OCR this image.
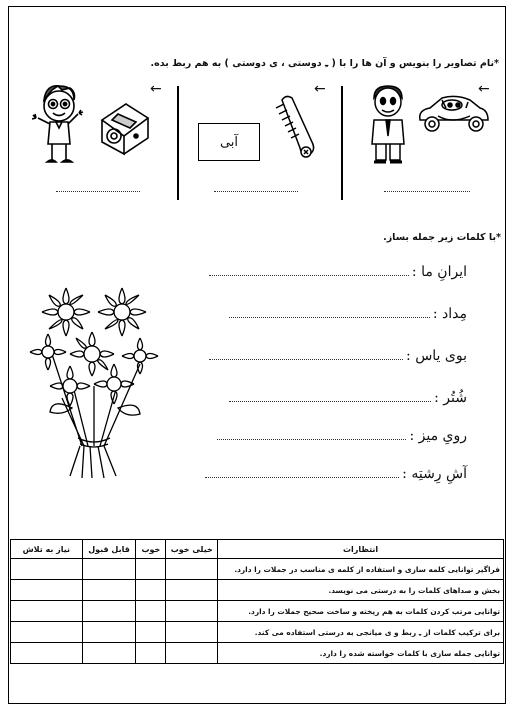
*نام تصاویر را بنویس و آن ها را با ( ـِ دوستی ، ی دوستی ) به هم ربط بده.
←	←	←
آبی
*با کلمات زیر جمله بساز.
ایرانِ ما :
مِداد :
بوی یاس :
شُتُر :
رویِ میز :
آشِ رِشتِه :
انتظارات	خیلی خوب	خوب	قابل قبول	نیاز به تلاش
فراگیر توانایی کلمه سازی و استفاده از کلمه ی مناسب در جملات را دارد.				
بخش و صداهای کلمات را به درستی می نویسد.				
توانایی مرتب کردن کلمات به هم ریخته و ساخت صحیح جملات را دارد.				
برای ترکیب کلمات از ـِ ربط و ی میانجی به درستی استفاده می کند.				
توانایی جمله سازی با کلمات خواسته شده را دارد.				
